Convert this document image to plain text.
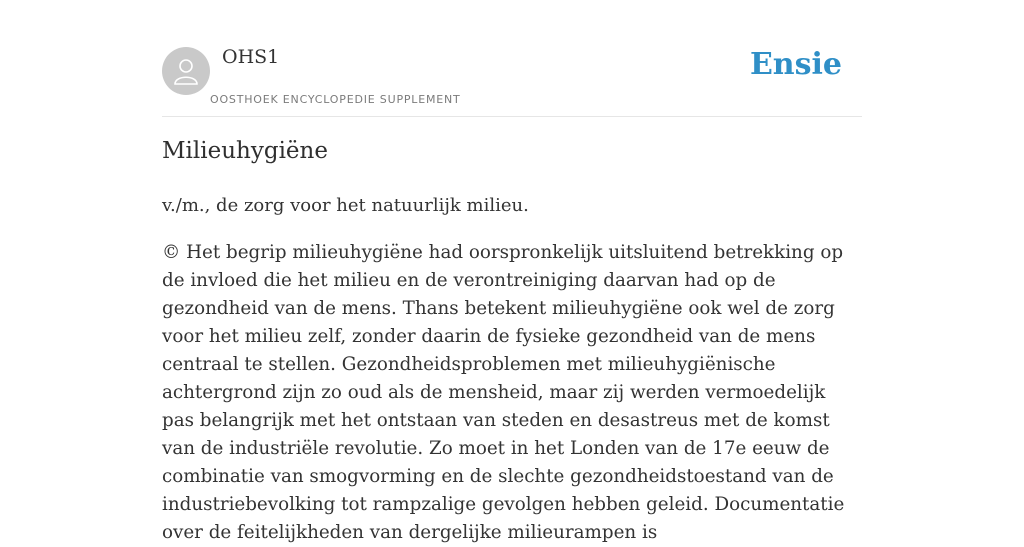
OHS1
OOSTHOEK ENCYCLOPEDIE SUPPLEMENT
Ensie
Milieuhygiëne

v./m., de zorg voor het natuurlijk milieu.

© Het begrip milieuhygiëne had oorspronkelijk uitsluitend betrekking op de invloed die het milieu en de verontreiniging daarvan had op de gezondheid van de mens. Thans betekent milieuhygiëne ook wel de zorg voor het milieu zelf, zonder daarin de fysieke gezondheid van de mens centraal te stellen. Gezondheidsproblemen met milieuhygiënische achtergrond zijn zo oud als de mensheid, maar zij werden vermoedelijk pas belangrijk met het ontstaan van steden en desastreus met de komst van de industriële revolutie. Zo moet in het Londen van de 17e eeuw de combinatie van smogvorming en de slechte gezondheidstoestand van de industriebevolking tot rampzalige gevolgen hebben geleid. Documentatie over de feitelijkheden van dergelijke milieurampen is
